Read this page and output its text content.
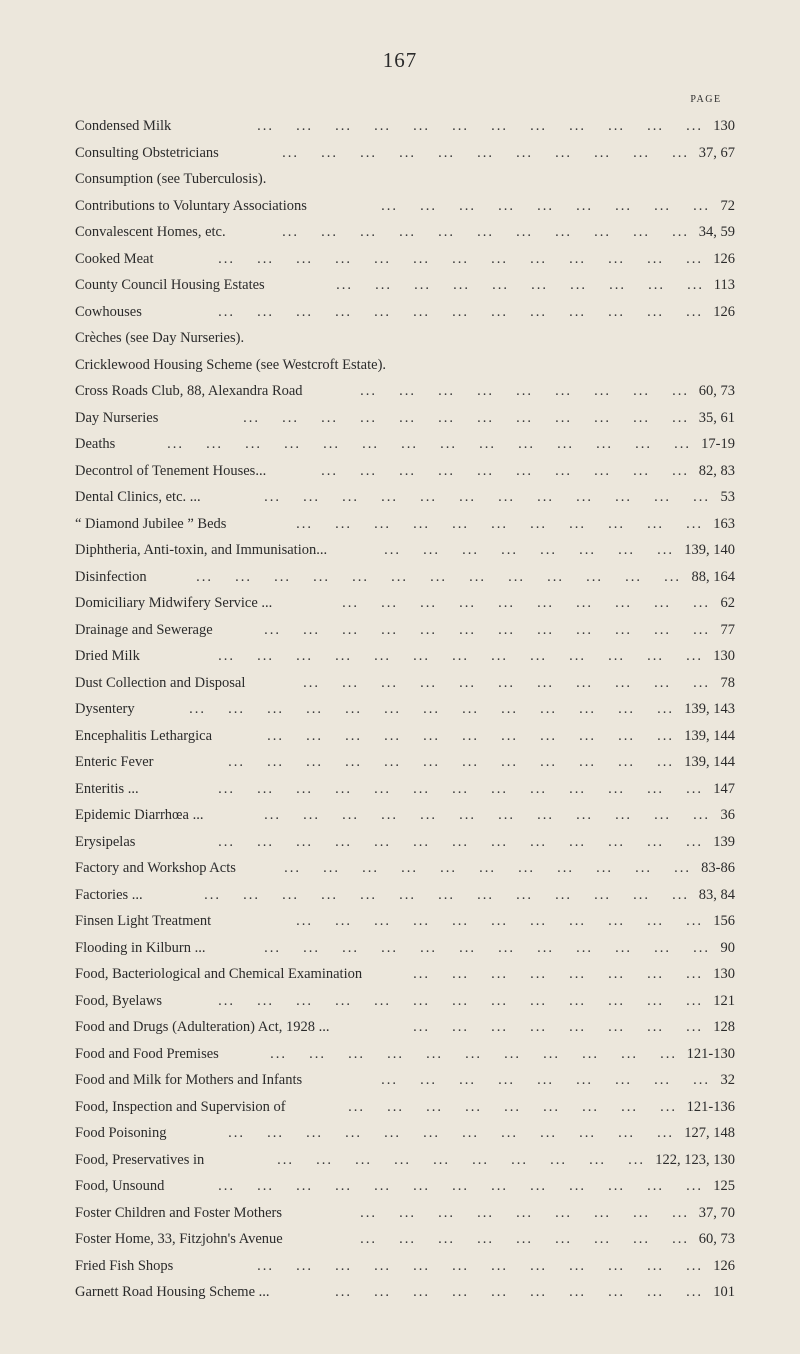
167
PAGE
Condensed Milk	130
...  ...  ...  ...  ...  ...  ...  ...  ...  ...  ...  ...
Consulting Obstetricians	37, 67
...  ...  ...  ...  ...  ...  ...  ...  ...  ...  ...
Consumption (see Tuberculosis).
Contributions to Voluntary Associations	72
...  ...  ...  ...  ...  ...  ...  ...  ...
Convalescent Homes, etc.	34, 59
...  ...  ...  ...  ...  ...  ...  ...  ...  ...  ...
Cooked Meat	126
...  ...  ...  ...  ...  ...  ...  ...  ...  ...  ...  ...  ...
County Council Housing Estates	113
...  ...  ...  ...  ...  ...  ...  ...  ...  ...
Cowhouses	126
...  ...  ...  ...  ...  ...  ...  ...  ...  ...  ...  ...  ...
Crèches (see Day Nurseries).
Cricklewood Housing Scheme (see Westcroft Estate).
Cross Roads Club, 88, Alexandra Road	60, 73
...  ...  ...  ...  ...  ...  ...  ...  ...
Day Nurseries	35, 61
...  ...  ...  ...  ...  ...  ...  ...  ...  ...  ...  ...
Deaths	17-19
...  ...  ...  ...  ...  ...  ...  ...  ...  ...  ...  ...  ...  ...
Decontrol of Tenement Houses...	82, 83
...  ...  ...  ...  ...  ...  ...  ...  ...  ...
Dental Clinics, etc. ...	53
...  ...  ...  ...  ...  ...  ...  ...  ...  ...  ...  ...
“ Diamond Jubilee ” Beds	163
...  ...  ...  ...  ...  ...  ...  ...  ...  ...  ...
Diphtheria, Anti-toxin, and Immunisation...	139, 140
...  ...  ...  ...  ...  ...  ...  ...
Disinfection	88, 164
...  ...  ...  ...  ...  ...  ...  ...  ...  ...  ...  ...  ...
Domiciliary Midwifery Service ...	62
...  ...  ...  ...  ...  ...  ...  ...  ...  ...
Drainage and Sewerage	77
...  ...  ...  ...  ...  ...  ...  ...  ...  ...  ...  ...
Dried Milk	130
...  ...  ...  ...  ...  ...  ...  ...  ...  ...  ...  ...  ...
Dust Collection and Disposal	78
...  ...  ...  ...  ...  ...  ...  ...  ...  ...  ...
Dysentery	139, 143
...  ...  ...  ...  ...  ...  ...  ...  ...  ...  ...  ...  ...
Encephalitis Lethargica	139, 144
...  ...  ...  ...  ...  ...  ...  ...  ...  ...  ...
Enteric Fever	139, 144
...  ...  ...  ...  ...  ...  ...  ...  ...  ...  ...  ...
Enteritis ...	147
...  ...  ...  ...  ...  ...  ...  ...  ...  ...  ...  ...  ...
Epidemic Diarrhœa ...	36
...  ...  ...  ...  ...  ...  ...  ...  ...  ...  ...  ...
Erysipelas	139
...  ...  ...  ...  ...  ...  ...  ...  ...  ...  ...  ...  ...
Factory and Workshop Acts	83-86
...  ...  ...  ...  ...  ...  ...  ...  ...  ...  ...
Factories ...	83, 84
...  ...  ...  ...  ...  ...  ...  ...  ...  ...  ...  ...  ...
Finsen Light Treatment	156
...  ...  ...  ...  ...  ...  ...  ...  ...  ...  ...
Flooding in Kilburn ...	90
...  ...  ...  ...  ...  ...  ...  ...  ...  ...  ...  ...
Food, Bacteriological and Chemical Examination	130
...  ...  ...  ...  ...  ...  ...  ...
Food, Byelaws	121
...  ...  ...  ...  ...  ...  ...  ...  ...  ...  ...  ...  ...
Food and Drugs (Adulteration) Act, 1928 ...	128
...  ...  ...  ...  ...  ...  ...  ...
Food and Food Premises	121-130
...  ...  ...  ...  ...  ...  ...  ...  ...  ...  ...
Food and Milk for Mothers and Infants	32
...  ...  ...  ...  ...  ...  ...  ...  ...
Food, Inspection and Supervision of	121-136
...  ...  ...  ...  ...  ...  ...  ...  ...
Food Poisoning	127, 148
...  ...  ...  ...  ...  ...  ...  ...  ...  ...  ...  ...
Food, Preservatives in	122, 123, 130
...  ...  ...  ...  ...  ...  ...  ...  ...  ...
Food, Unsound	125
...  ...  ...  ...  ...  ...  ...  ...  ...  ...  ...  ...  ...
Foster Children and Foster Mothers	37, 70
...  ...  ...  ...  ...  ...  ...  ...  ...
Foster Home, 33, Fitzjohn's Avenue	60, 73
...  ...  ...  ...  ...  ...  ...  ...  ...
Fried Fish Shops	126
...  ...  ...  ...  ...  ...  ...  ...  ...  ...  ...  ...
Garnett Road Housing Scheme ...	101
...  ...  ...  ...  ...  ...  ...  ...  ...  ...
